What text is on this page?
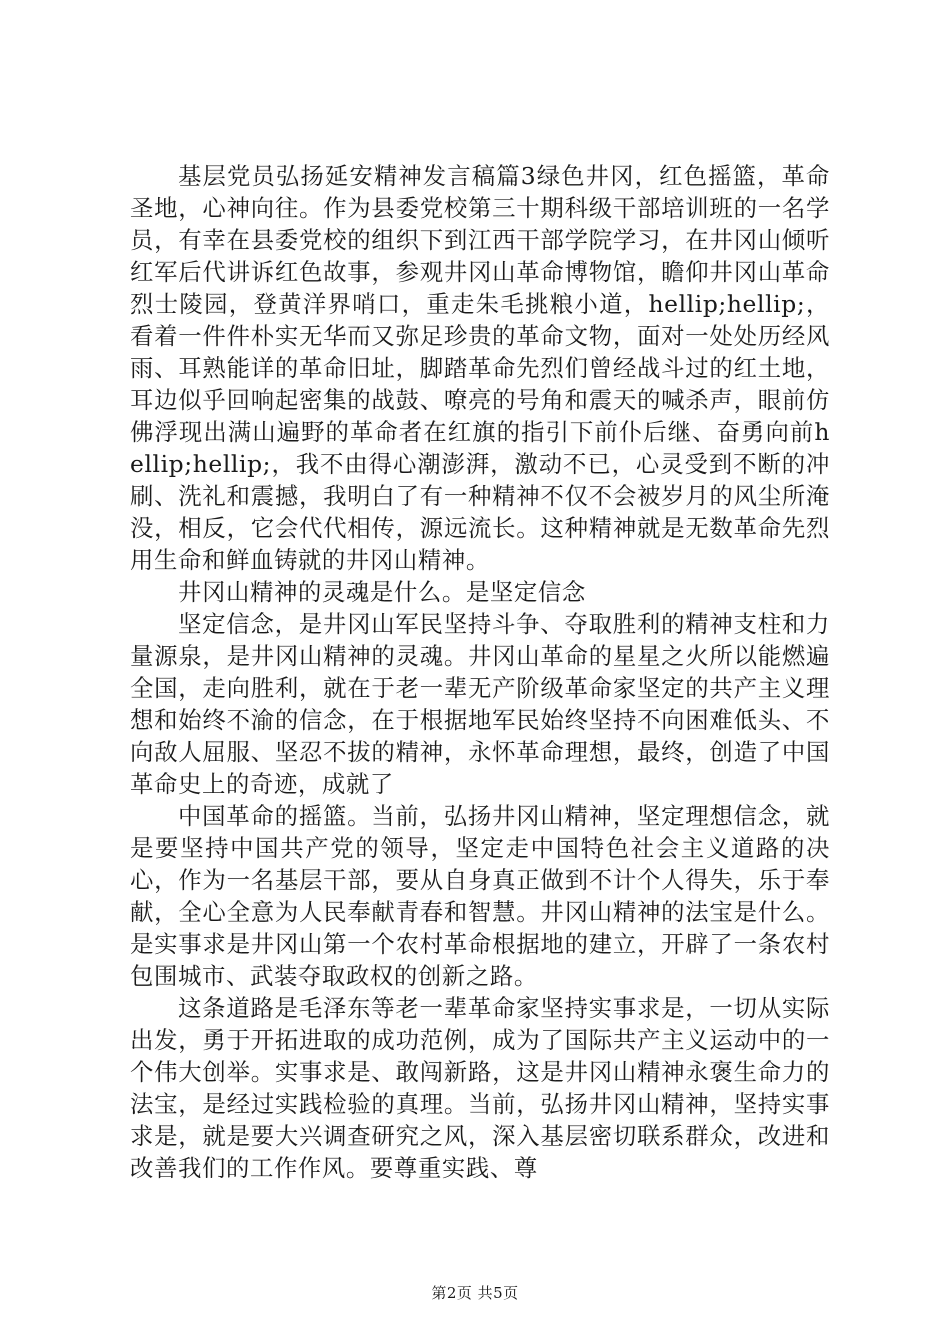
基层党员弘扬延安精神发言稿篇3绿色井冈，红色摇篮，革命圣地，心神向往。作为县委党校第三十期科级干部培训班的一名学员，有幸在县委党校的组织下到江西干部学院学习，在井冈山倾听红军后代讲诉红色故事，参观井冈山革命博物馆，瞻仰井冈山革命烈士陵园，登黄洋界哨口，重走朱毛挑粮小道，hellip;hellip;，看着一件件朴实无华而又弥足珍贵的革命文物，面对一处处历经风雨、耳熟能详的革命旧址，脚踏革命先烈们曾经战斗过的红土地，耳边似乎回响起密集的战鼓、嘹亮的号角和震天的喊杀声，眼前仿佛浮现出满山遍野的革命者在红旗的指引下前仆后继、奋勇向前hellip;hellip;，我不由得心潮澎湃，激动不已，心灵受到不断的冲刷、洗礼和震撼，我明白了有一种精神不仅不会被岁月的风尘所淹没，相反，它会代代相传，源远流长。这种精神就是无数革命先烈用生命和鲜血铸就的井冈山精神。

井冈山精神的灵魂是什么。是坚定信念

坚定信念，是井冈山军民坚持斗争、夺取胜利的精神支柱和力量源泉，是井冈山精神的灵魂。井冈山革命的星星之火所以能燃遍全国，走向胜利，就在于老一辈无产阶级革命家坚定的共产主义理想和始终不渝的信念，在于根据地军民始终坚持不向困难低头、不向敌人屈服、坚忍不拔的精神，永怀革命理想，最终，创造了中国革命史上的奇迹，成就了

中国革命的摇篮。当前，弘扬井冈山精神，坚定理想信念，就是要坚持中国共产党的领导，坚定走中国特色社会主义道路的决心，作为一名基层干部，要从自身真正做到不计个人得失，乐于奉献，全心全意为人民奉献青春和智慧。井冈山精神的法宝是什么。是实事求是井冈山第一个农村革命根据地的建立，开辟了一条农村包围城市、武装夺取政权的创新之路。

这条道路是毛泽东等老一辈革命家坚持实事求是，一切从实际出发，勇于开拓进取的成功范例，成为了国际共产主义运动中的一个伟大创举。实事求是、敢闯新路，这是井冈山精神永褒生命力的法宝，是经过实践检验的真理。当前，弘扬井冈山精神，坚持实事求是，就是要大兴调查研究之风，深入基层密切联系群众，改进和改善我们的工作作风。要尊重实践、尊

第2页 共5页
